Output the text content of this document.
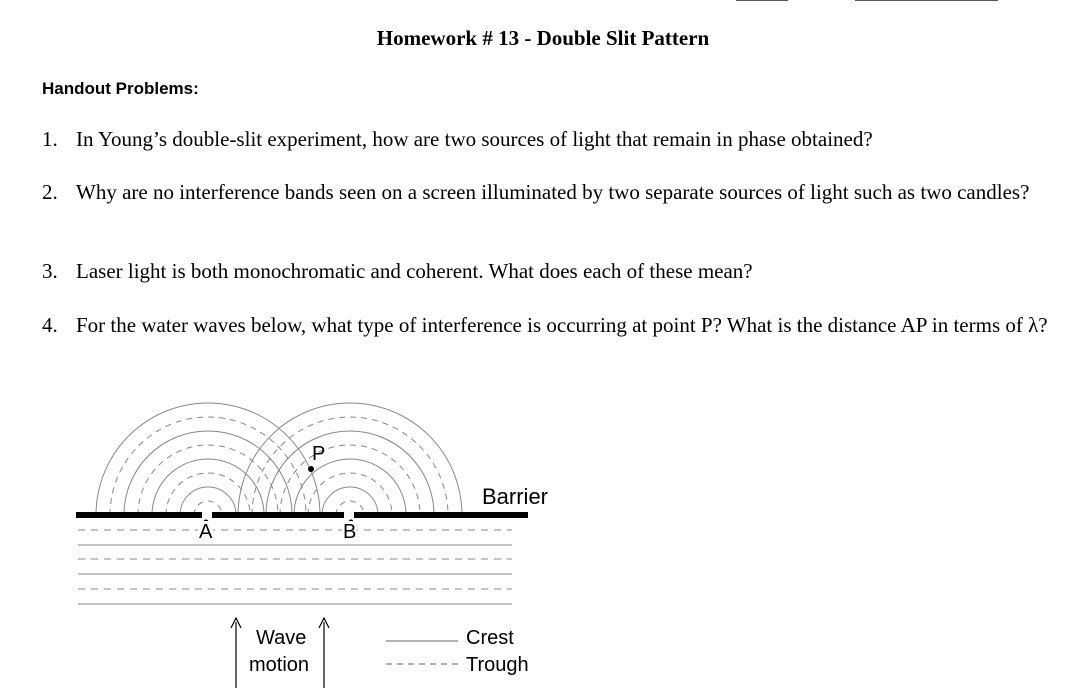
Homework # 13 - Double Slit Pattern
Handout Problems:
1. In Young’s double-slit experiment, how are two sources of light that remain in phase obtained?
2. Why are no interference bands seen on a screen illuminated by two separate sources of light such as two candles?
3. Laser light is both monochromatic and coherent. What does each of these mean?
4. For the water waves below, what type of interference is occurring at point P? What is the distance AP in terms of λ?
P
A	B
Barrier
Wave
motion
Crest
Trough
